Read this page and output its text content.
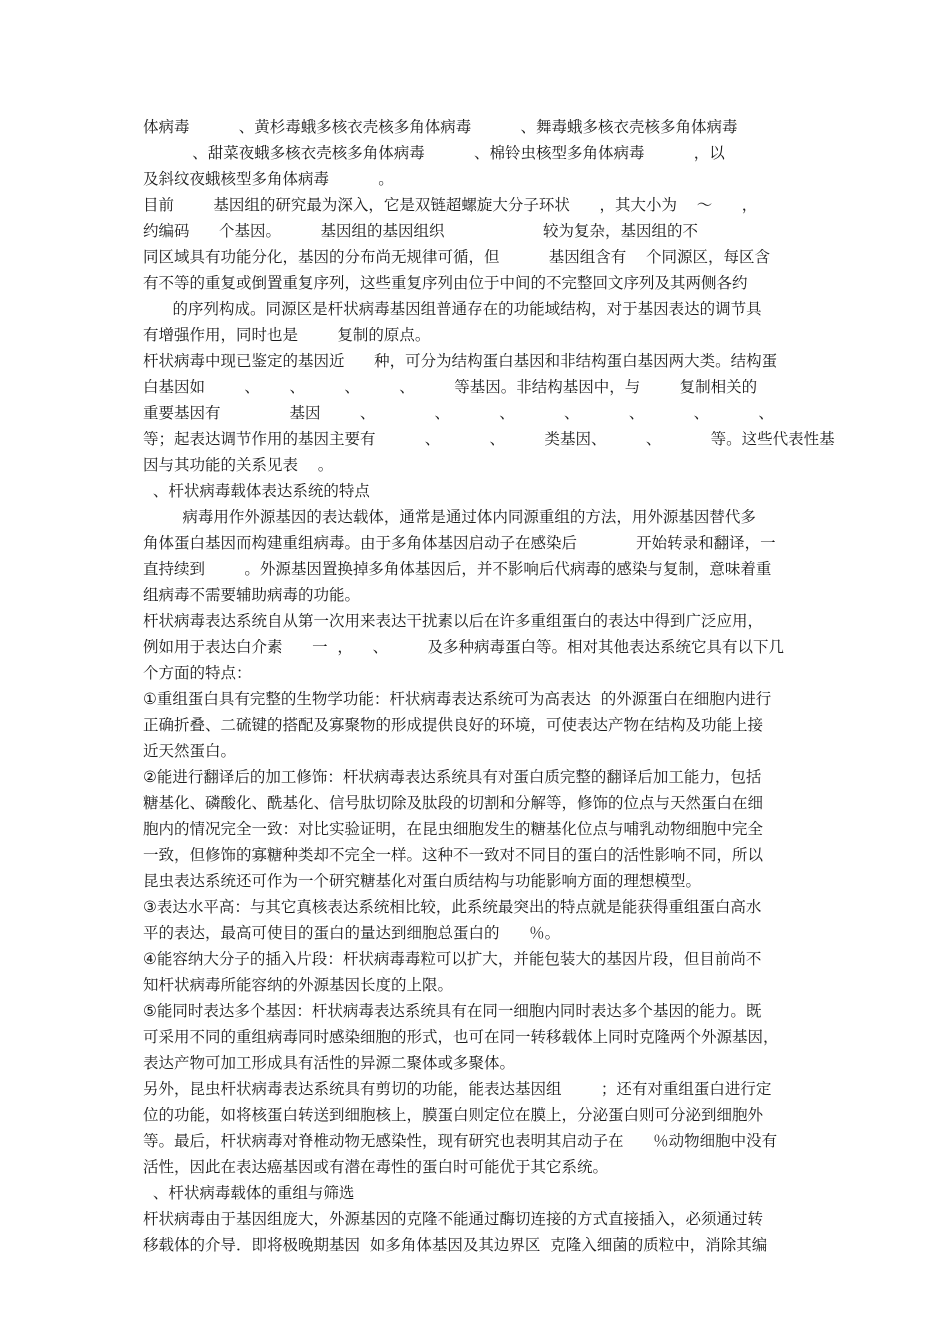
体病毒          、黄杉毒蛾多核衣壳核多角体病毒          、舞毒蛾多核衣壳核多角体病毒
、甜菜夜蛾多核衣壳核多角体病毒          、棉铃虫核型多角体病毒          ，以
及斜纹夜蛾核型多角体病毒          。
目前        基因组的研究最为深入，它是双链超螺旋大分子环状      ，其大小为    ～      ，
约编码      个基因。        基因组的基因组织                    较为复杂，基因组的不
同区域具有功能分化，基因的分布尚无规律可循，但          基因组含有    个同源区，每区含
有不等的重复或倒置重复序列，这些重复序列由位于中间的不完整回文序列及其两侧各约
的序列构成。同源区是杆状病毒基因组普通存在的功能域结构，对于基因表达的调节具
有增强作用，同时也是        复制的原点。
杆状病毒中现已鉴定的基因近      种，可分为结构蛋白基因和非结构蛋白基因两大类。结构蛋
白基因如        、      、        、        、        等基因。非结构基因中，与        复制相关的
重要基因有              基因        、            、          、          、          、          、          、
等；起表达调节作用的基因主要有          、          、        类基因、        、          等。这些代表性基
因与其功能的关系见表    。
、杆状病毒载体表达系统的特点
病毒用作外源基因的表达载体，通常是通过体内同源重组的方法，用外源基因替代多
角体蛋白基因而构建重组病毒。由于多角体基因启动子在感染后            开始转录和翻译，一
直持续到        。外源基因置换掉多角体基因后，并不影响后代病毒的感染与复制，意味着重
组病毒不需要辅助病毒的功能。
杆状病毒表达系统自从第一次用来表达干扰素以后在许多重组蛋白的表达中得到广泛应用，
例如用于表达白介素      一  ，    、        及多种病毒蛋白等。相对其他表达系统它具有以下几
个方面的特点：
①重组蛋白具有完整的生物学功能：杆状病毒表达系统可为高表达  的外源蛋白在细胞内进行
正确折叠、二硫键的搭配及寡聚物的形成提供良好的环境，可使表达产物在结构及功能上接
近天然蛋白。
②能进行翻译后的加工修饰：杆状病毒表达系统具有对蛋白质完整的翻译后加工能力，包括
糖基化、磷酸化、酰基化、信号肽切除及肽段的切割和分解等，修饰的位点与天然蛋白在细
胞内的情况完全一致：对比实验证明，在昆虫细胞发生的糖基化位点与哺乳动物细胞中完全
一致，但修饰的寡糖种类却不完全一样。这种不一致对不同目的蛋白的活性影响不同，所以
昆虫表达系统还可作为一个研究糖基化对蛋白质结构与功能影响方面的理想模型。
③表达水平高：与其它真核表达系统相比较，此系统最突出的特点就是能获得重组蛋白高水
平的表达，最高可使目的蛋白的量达到细胞总蛋白的      ％。
④能容纳大分子的插入片段：杆状病毒毒粒可以扩大，并能包装大的基因片段，但目前尚不
知杆状病毒所能容纳的外源基因长度的上限。
⑤能同时表达多个基因：杆状病毒表达系统具有在同一细胞内同时表达多个基因的能力。既
可采用不同的重组病毒同时感染细胞的形式，也可在同一转移载体上同时克隆两个外源基因，
表达产物可加工形成具有活性的异源二聚体或多聚体。
另外，昆虫杆状病毒表达系统具有剪切的功能，能表达基因组        ；还有对重组蛋白进行定
位的功能，如将核蛋白转送到细胞核上，膜蛋白则定位在膜上，分泌蛋白则可分泌到细胞外
等。最后，杆状病毒对脊椎动物无感染性，现有研究也表明其启动子在      ％动物细胞中没有
活性，因此在表达癌基因或有潜在毒性的蛋白时可能优于其它系统。
、杆状病毒载体的重组与筛选
杆状病毒由于基因组庞大，外源基因的克隆不能通过酶切连接的方式直接插入，必须通过转
移载体的介导．即将极晚期基因  如多角体基因及其边界区  克隆入细菌的质粒中，消除其编
